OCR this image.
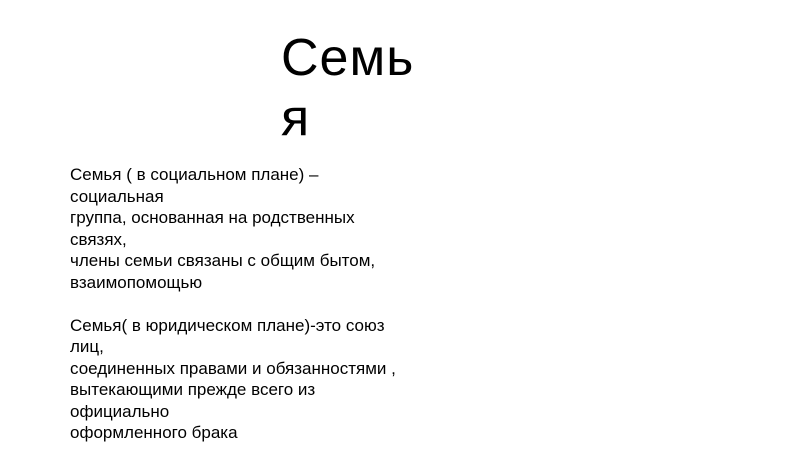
Семь
я
Семья ( в социальном плане) –
социальная
группа, основанная на родственных
связях,
члены семьи связаны с общим бытом,
взаимопомощью
Семья( в юридическом плане)-это союз
лиц,
соединенных правами и обязанностями ,
вытекающими прежде всего из
официально
оформленного брака
